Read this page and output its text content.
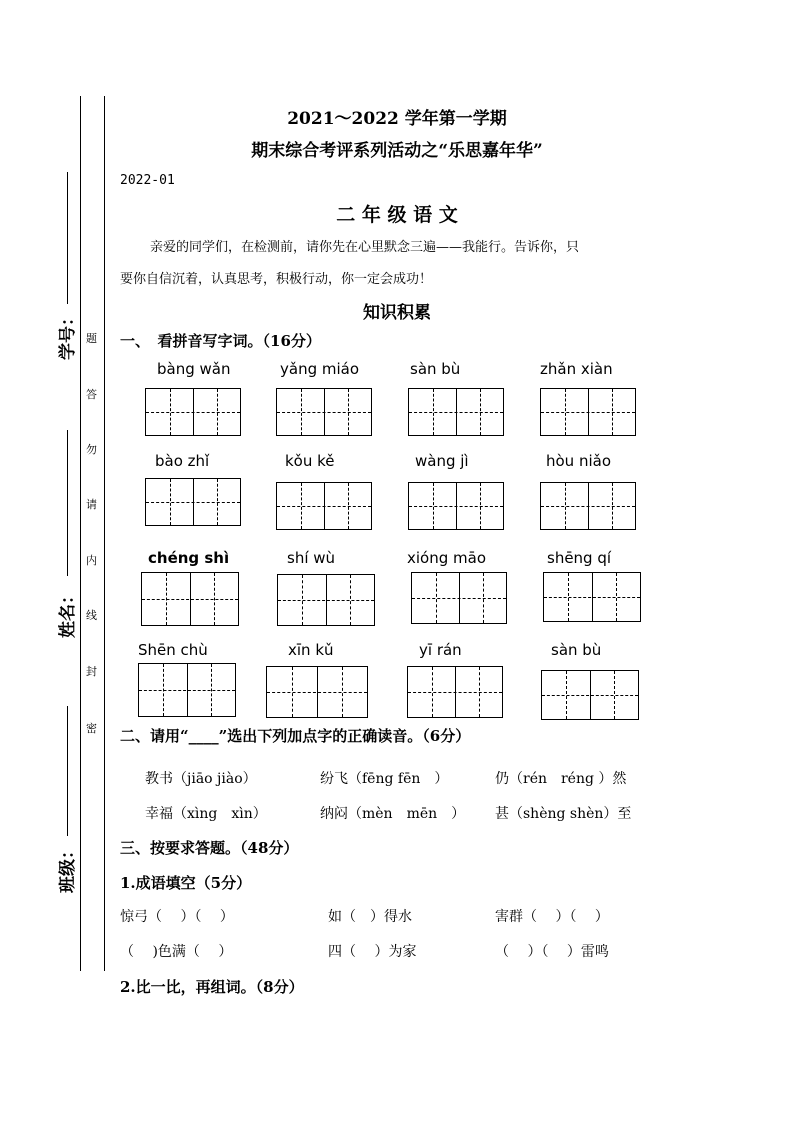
学号：
姓名：
班级：
题
答
勿
请
内
线
封
密
2021～2022 学年第一学期
期末综合考评系列活动之“乐思嘉年华”
2022-01
二 年 级 语 文
亲爱的同学们，在检测前，请你先在心里默念三遍——我能行。告诉你，只
要你自信沉着，认真思考，积极行动，你一定会成功！
知识积累
一、　看拼音写字词。（16分）
bàng wǎn	yǎng miáo	sàn bù	zhǎn xiàn
bào zhǐ	kǒu kě	wàng jì	hòu niǎo
chéng shì	shí wù	xióng māo	shēng qí
Shēn chù	xīn kǔ	yī rán	sàn bù
二、请用“____”选出下列加点字的正确读音。（6分）
教书（jiāo jiào）	纷飞（fēng fēn　）	仍（rén　réng ）然
幸福（xìng　xìn）	纳闷（mèn　mēn　） 甚（shèng shèn）至
三、按要求答题。（48分）
1.成语填空（5分）
惊弓（　 ）（　 ）	如（　）得水	害群（　 ）（　 ）
（　 )色满（　 ）	四（　 ）为家	（　 ）（　 ）雷鸣
2.比一比，再组词。（8分）
